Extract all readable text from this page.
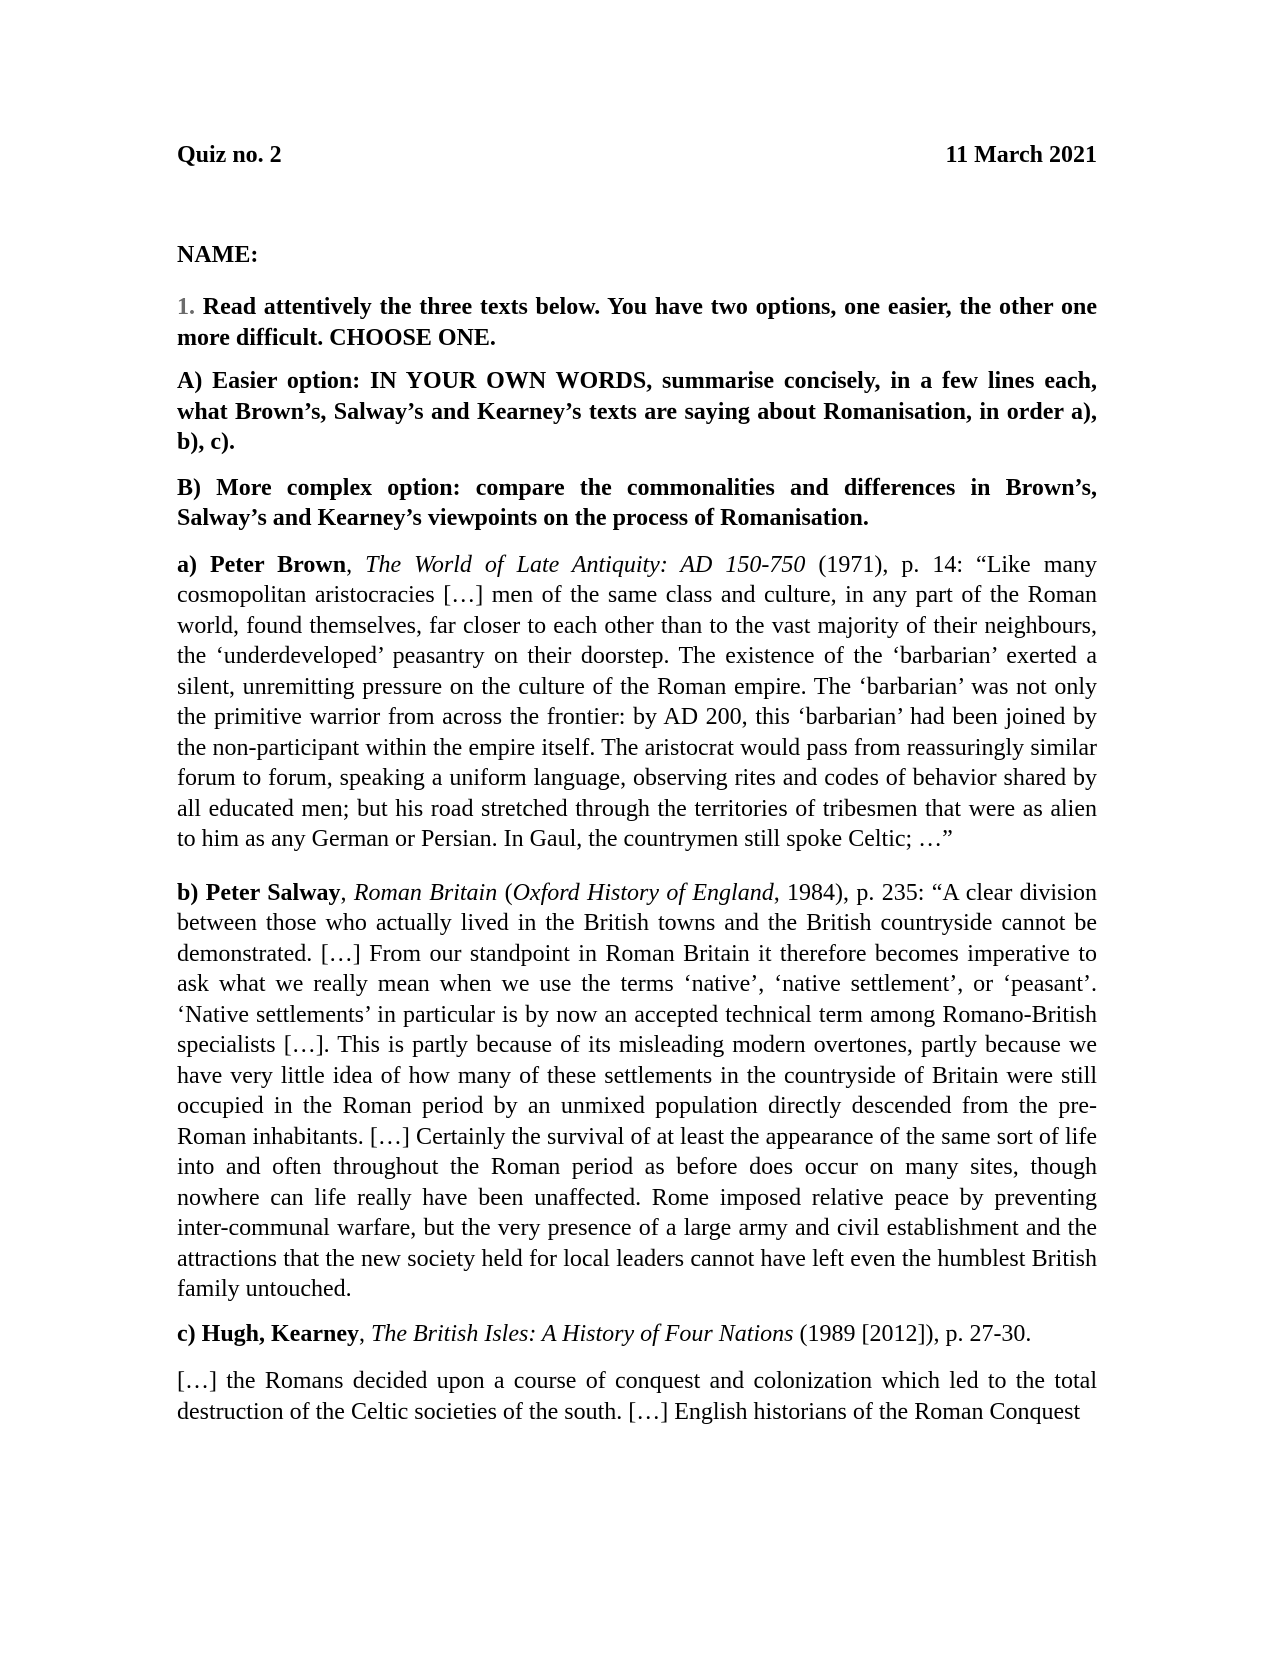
Quiz no. 2	11 March 2021
NAME:

1. Read attentively the three texts below. You have two options, one easier, the other one more difficult. CHOOSE ONE.

A) Easier option: IN YOUR OWN WORDS, summarise concisely, in a few lines each, what Brown’s, Salway’s and Kearney’s texts are saying about Romanisation, in order a), b), c).

B) More complex option: compare the commonalities and differences in Brown’s, Salway’s and Kearney’s viewpoints on the process of Romanisation.

a) Peter Brown, The World of Late Antiquity: AD 150-750 (1971), p. 14: “Like many cosmopolitan aristocracies […] men of the same class and culture, in any part of the Roman world, found themselves, far closer to each other than to the vast majority of their neighbours, the ‘underdeveloped’ peasantry on their doorstep. The existence of the ‘barbarian’ exerted a silent, unremitting pressure on the culture of the Roman empire. The ‘barbarian’ was not only the primitive warrior from across the frontier: by AD 200, this ‘barbarian’ had been joined by the non-participant within the empire itself. The aristocrat would pass from reassuringly similar forum to forum, speaking a uniform language, observing rites and codes of behavior shared by all educated men; but his road stretched through the territories of tribesmen that were as alien to him as any German or Persian. In Gaul, the countrymen still spoke Celtic; …”

b) Peter Salway, Roman Britain (Oxford History of England, 1984), p. 235: “A clear division between those who actually lived in the British towns and the British countryside cannot be demonstrated. […] From our standpoint in Roman Britain it therefore becomes imperative to ask what we really mean when we use the terms ‘native’, ‘native settlement’, or ‘peasant’. ‘Native settlements’ in particular is by now an accepted technical term among Romano-British specialists […]. This is partly because of its misleading modern overtones, partly because we have very little idea of how many of these settlements in the countryside of Britain were still occupied in the Roman period by an unmixed population directly descended from the pre-Roman inhabitants. […] Certainly the survival of at least the appearance of the same sort of life into and often throughout the Roman period as before does occur on many sites, though nowhere can life really have been unaffected. Rome imposed relative peace by preventing inter-communal warfare, but the very presence of a large army and civil establishment and the attractions that the new society held for local leaders cannot have left even the humblest British family untouched.

c) Hugh, Kearney, The British Isles: A History of Four Nations (1989 [2012]), p. 27-30.

[…] the Romans decided upon a course of conquest and colonization which led to the total destruction of the Celtic societies of the south. […] English historians of the Roman Conquest
